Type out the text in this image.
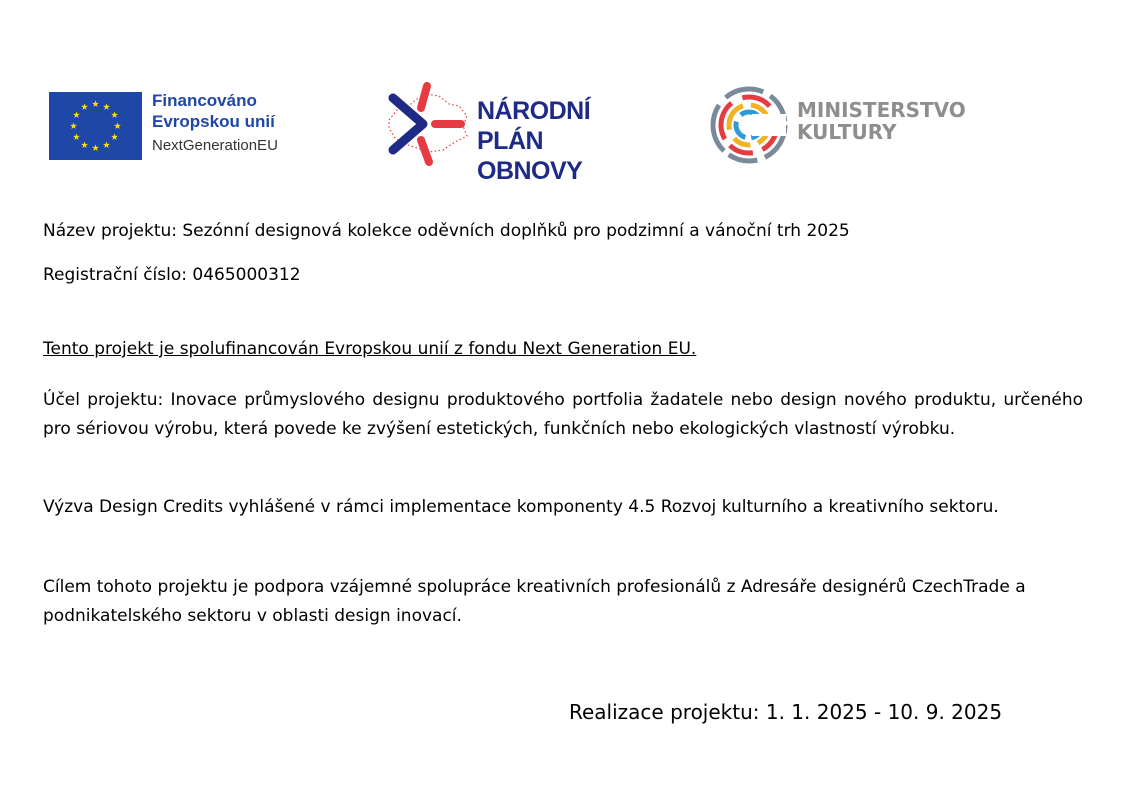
Financováno
Evropskou unií
NextGenerationEU
NÁRODNÍ
PLÁN OBNOVY
MINISTERSTVO
KULTURY
Název projektu: Sezónní designová kolekce oděvních doplňků pro podzimní a vánoční trh 2025
Registrační číslo: 0465000312
Tento projekt je spolufinancován Evropskou unií z fondu Next Generation EU.
Účel projektu: Inovace průmyslového designu produktového portfolia žadatele nebo design nového produktu, určeného pro sériovou výrobu, která povede ke zvýšení estetických, funkčních nebo ekologických vlastností výrobku.
Výzva Design Credits vyhlášené v rámci implementace komponenty 4.5 Rozvoj kulturního a kreativního sektoru.
Cílem tohoto projektu je podpora vzájemné spolupráce kreativních profesionálů z Adresáře designérů CzechTrade a podnikatelského sektoru v oblasti design inovací.
Realizace projektu: 1. 1. 2025 - 10. 9. 2025
